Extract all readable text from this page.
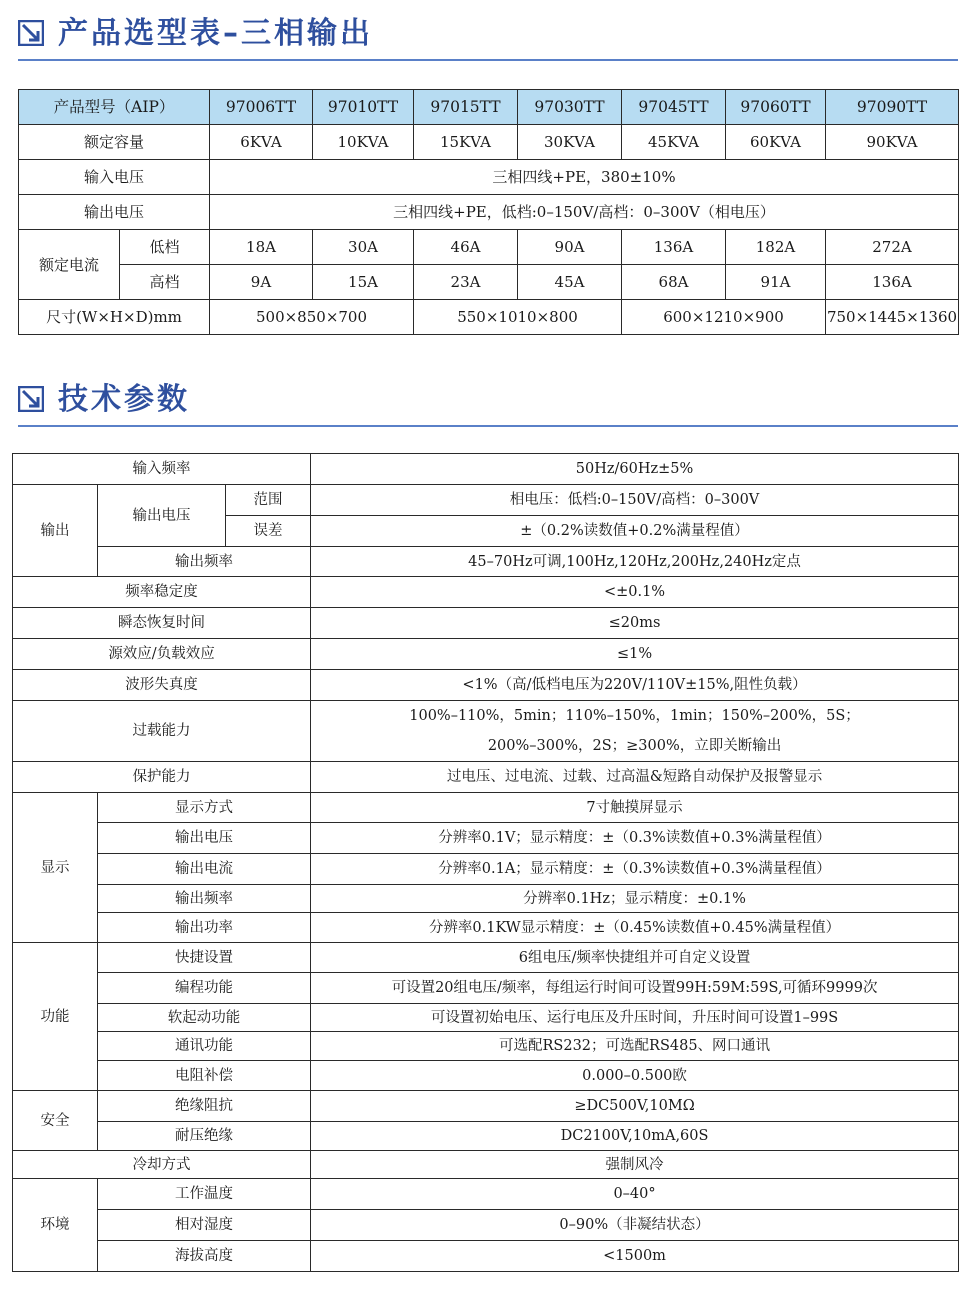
产品选型表–三相输出
产品型号（AIP）		97006TT	97010TT	97015TT	97030TT	97045TT	97060TT	97090TT
额定容量		6KVA	10KVA	15KVA	30KVA	45KVA	60KVA	90KVA
输入电压		三相四线+PE，380±10%						
输出电压		三相四线+PE，低档:0–150V/高档：0–300V（相电压）						
额定电流	低档	18A	30A	46A	90A	136A	182A	272A
	高档	9A	15A	23A	45A	68A	91A	136A
尺寸(W×H×D)mm		500×850×700		550×1010×800		600×1210×900		750×1445×1360
技术参数
输入频率			50Hz/60Hz±5%
输出	输出电压	范围	相电压：低档:0–150V/高档：0–300V
		误差	±（0.2%读数值+0.2%满量程值）
	输出频率		45–70Hz可调,100Hz,120Hz,200Hz,240Hz定点
频率稳定度			<±0.1%
瞬态恢复时间			≤20ms
源效应/负载效应			≤1%
波形失真度			<1%（高/低档电压为220V/110V±15%,阻性负载）
过载能力			100%–110%，5min；110%–150%，1min；150%–200%，5S；
200%–300%，2S；≥300%，立即关断输出

保护能力			过电压、过电流、过载、过高温&短路自动保护及报警显示
显示	显示方式		7寸触摸屏显示
	输出电压		分辨率0.1V；显示精度：±（0.3%读数值+0.3%满量程值）
	输出电流		分辨率0.1A；显示精度：±（0.3%读数值+0.3%满量程值）
	输出频率		分辨率0.1Hz；显示精度：±0.1%
	输出功率		分辨率0.1KW显示精度：±（0.45%读数值+0.45%满量程值）
功能	快捷设置		6组电压/频率快捷组并可自定义设置
	编程功能		可设置20组电压/频率，每组运行时间可设置99H:59M:59S,可循环9999次
	软起动功能		可设置初始电压、运行电压及升压时间，升压时间可设置1–99S
	通讯功能		可选配RS232；可选配RS485、网口通讯
	电阻补偿		0.000–0.500欧
安全	绝缘阻抗		≥DC500V,10MΩ
	耐压绝缘		DC2100V,10mA,60S
冷却方式			强制风冷
环境	工作温度		0–40°
	相对湿度		0–90%（非凝结状态）
	海拔高度		<1500m
